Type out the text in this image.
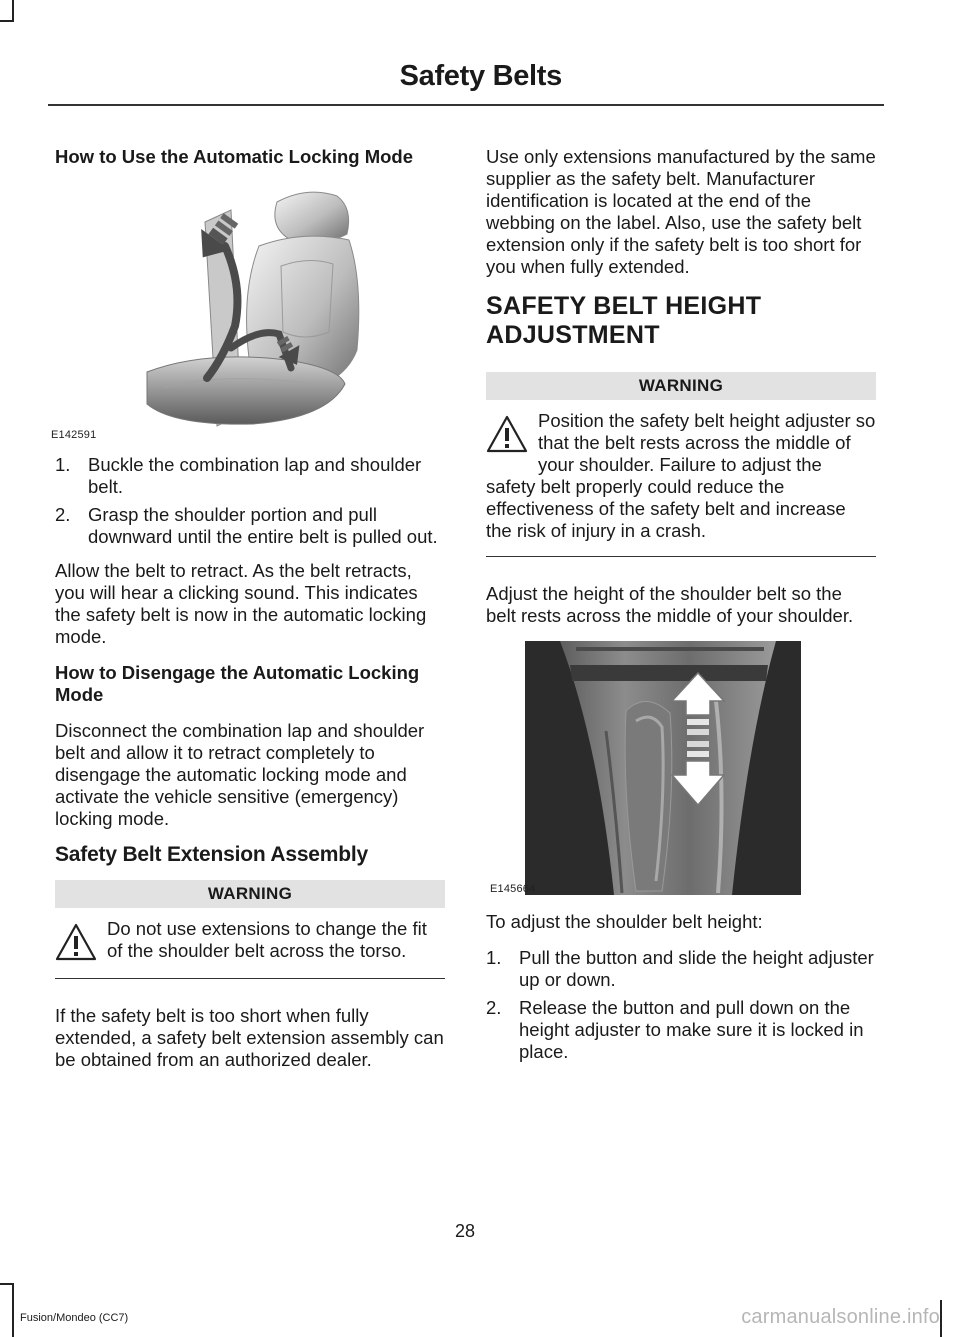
Safety Belts
How to Use the Automatic Locking Mode
E142591
1. Buckle the combination lap and shoulder belt.
2. Grasp the shoulder portion and pull downward until the entire belt is pulled out.

Allow the belt to retract. As the belt retracts, you will hear a clicking sound. This indicates the safety belt is now in the automatic locking mode.

How to Disengage the Automatic Locking Mode

Disconnect the combination lap and shoulder belt and allow it to retract completely to disengage the automatic locking mode and activate the vehicle sensitive (emergency) locking mode.

Safety Belt Extension Assembly
WARNING
Do not use extensions to change the fit of the shoulder belt across the torso.

If the safety belt is too short when fully extended, a safety belt extension assembly can be obtained from an authorized dealer.

Use only extensions manufactured by the same supplier as the safety belt. Manufacturer identification is located at the end of the webbing on the label. Also, use the safety belt extension only if the safety belt is too short for you when fully extended.

SAFETY BELT HEIGHT ADJUSTMENT
WARNING
Position the safety belt height adjuster so that the belt rests across the middle of your shoulder. Failure to adjust the safety belt properly could reduce the effectiveness of the safety belt and increase the risk of injury in a crash.

Adjust the height of the shoulder belt so the belt rests across the middle of your shoulder.

E145664

To adjust the shoulder belt height:

1. Pull the button and slide the height adjuster up or down.
2. Release the button and pull down on the height adjuster to make sure it is locked in place.
28
Fusion/Mondeo (CC7)	carmanualsonline.info
